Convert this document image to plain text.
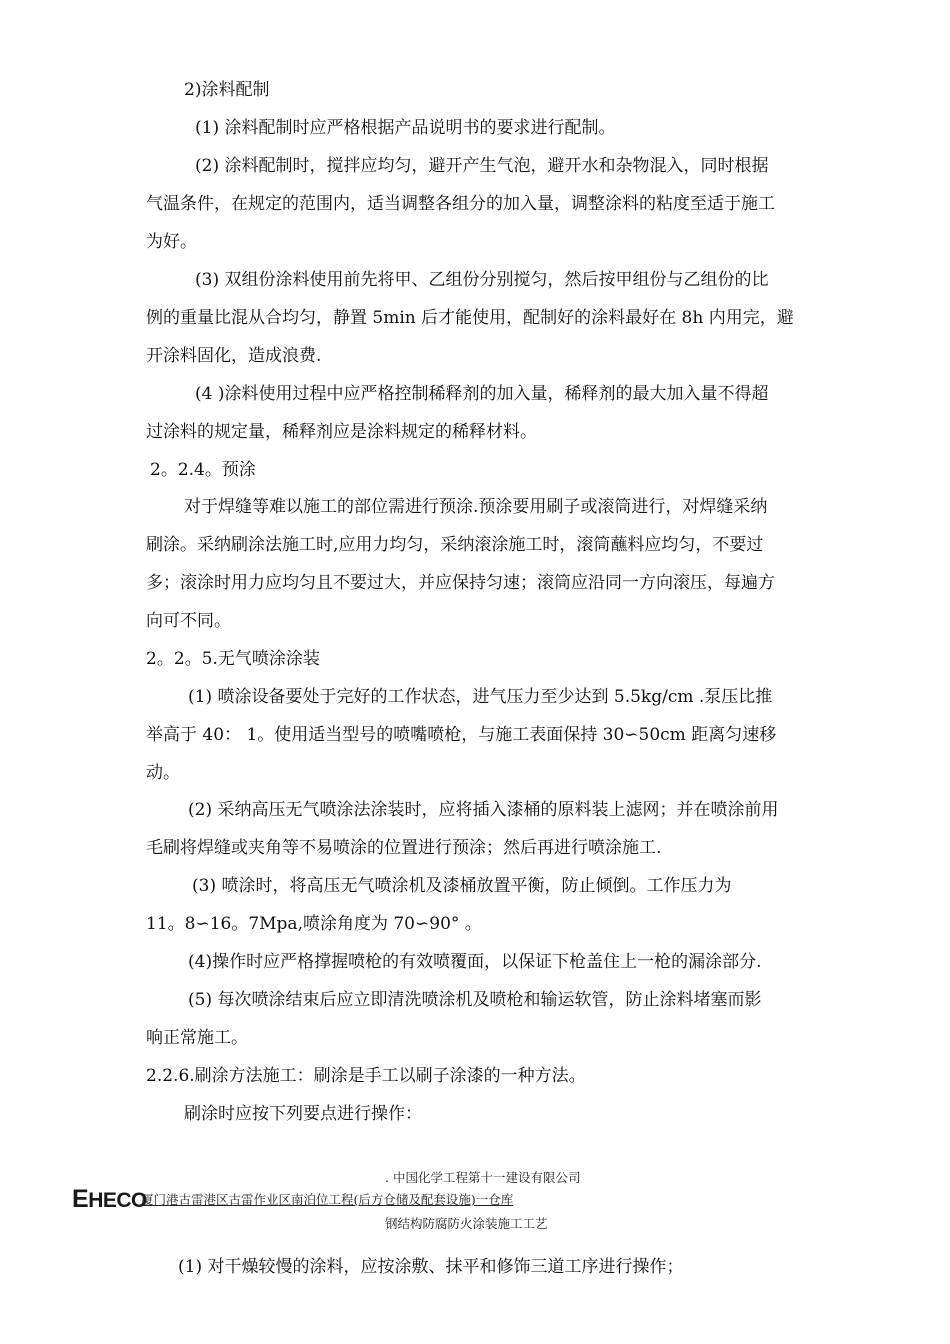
2)涂料配制
(1) 涂料配制时应严格根据产品说明书的要求进行配制。
(2) 涂料配制时，搅拌应均匀，避开产生气泡，避开水和杂物混入，同时根据
气温条件，在规定的范围内，适当调整各组分的加入量，调整涂料的粘度至适于施工
为好。
(3) 双组份涂料使用前先将甲、乙组份分别搅匀，然后按甲组份与乙组份的比
例的重量比混从合均匀，静置 5min 后才能使用，配制好的涂料最好在 8h 内用完，避
开涂料固化，造成浪费.
(4 )涂料使用过程中应严格控制稀释剂的加入量，稀释剂的最大加入量不得超
过涂料的规定量，稀释剂应是涂料规定的稀释材料。
2。2.4。预涂
对于焊缝等难以施工的部位需进行预涂.预涂要用刷子或滚筒进行，对焊缝采纳
刷涂。采纳刷涂法施工时,应用力均匀，采纳滚涂施工时，滚筒蘸料应均匀，不要过
多；滚涂时用力应均匀且不要过大，并应保持匀速；滚筒应沿同一方向滚压，每遍方
向可不同。
2。2。5.无气喷涂涂装
(1) 喷涂设备要处于完好的工作状态，进气压力至少达到 5.5kg/cm .泵压比推
举高于 40： 1。使用适当型号的喷嘴喷枪，与施工表面保持 30∽50cm 距离匀速移
动。
(2) 采纳高压无气喷涂法涂装时，应将插入漆桶的原料装上滤网；并在喷涂前用
毛刷将焊缝或夹角等不易喷涂的位置进行预涂；然后再进行喷涂施工.
(3) 喷涂时，将高压无气喷涂机及漆桶放置平衡，防止倾倒。工作压力为
11。8∽16。7Mpa,喷涂角度为 70∽90° 。
(4)操作时应严格撑握喷枪的有效喷覆面，以保证下枪盖住上一枪的漏涂部分.
(5) 每次喷涂结束后应立即清洗喷涂机及喷枪和输运软管，防止涂料堵塞而影
响正常施工。
2.2.6.刷涂方法施工：刷涂是手工以刷子涂漆的一种方法。
刷涂时应按下列要点进行操作：
. 中国化学工程第十一建设有限公司
EHECO
厦门港古雷港区古雷作业区南泊位工程(后方仓储及配套设施)一仓库
钢结构防腐防火涂装施工工艺
(1) 对干燥较慢的涂料，应按涂敷、抹平和修饰三道工序进行操作；
